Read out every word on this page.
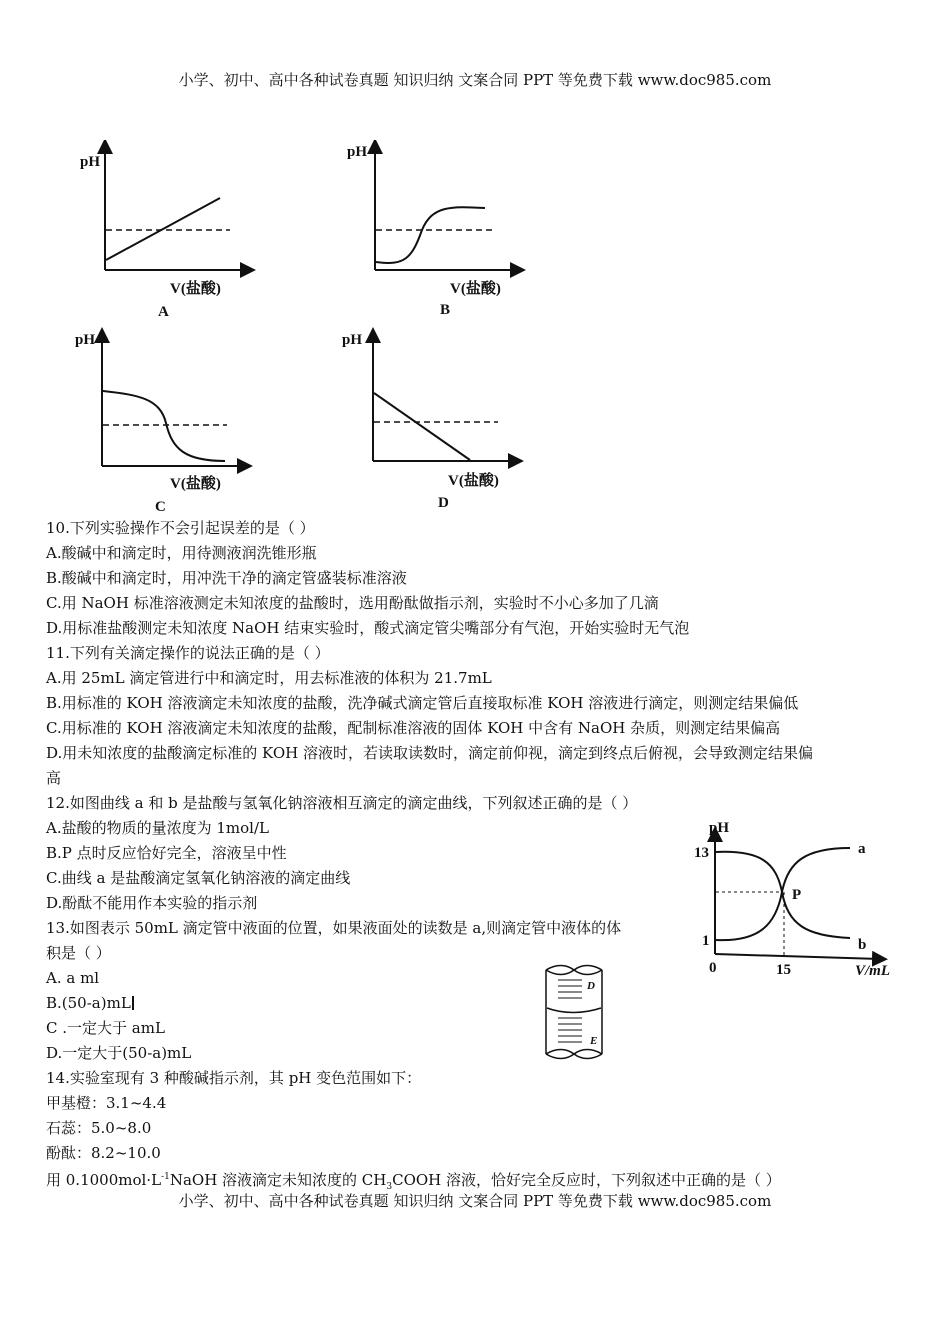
小学、初中、高中各种试卷真题 知识归纳 文案合同 PPT 等免费下载 www.doc985.com
小学、初中、高中各种试卷真题 知识归纳 文案合同 PPT 等免费下载 www.doc985.com
pH
V(盐酸)
A
pH
V(盐酸)
B
pH
V(盐酸)
C
pH
V(盐酸)
D
10.下列实验操作不会引起误差的是（ ）
A.酸碱中和滴定时，用待测液润洗锥形瓶
B.酸碱中和滴定时，用冲洗干净的滴定管盛装标准溶液
C.用 NaOH 标准溶液测定未知浓度的盐酸时，选用酚酞做指示剂，实验时不小心多加了几滴
D.用标准盐酸测定未知浓度 NaOH 结束实验时，酸式滴定管尖嘴部分有气泡，开始实验时无气泡
11.下列有关滴定操作的说法正确的是（ ）
A.用 25mL 滴定管进行中和滴定时，用去标准液的体积为 21.7mL
B.用标准的 KOH 溶液滴定未知浓度的盐酸，洗净碱式滴定管后直接取标准 KOH 溶液进行滴定，则测定结果偏低
C.用标准的 KOH 溶液滴定未知浓度的盐酸，配制标准溶液的固体 KOH 中含有 NaOH 杂质，则测定结果偏高
D.用未知浓度的盐酸滴定标准的 KOH 溶液时，若读取读数时，滴定前仰视，滴定到终点后俯视，会导致测定结果偏
高
12.如图曲线 a 和 b 是盐酸与氢氧化钠溶液相互滴定的滴定曲线，下列叙述正确的是（ ）
A.盐酸的物质的量浓度为 1mol/L
B.P 点时反应恰好完全，溶液呈中性
C.曲线 a 是盐酸滴定氢氧化钠溶液的滴定曲线
D.酚酞不能用作本实验的指示剂
pH
13
1
0	15	V/mL
P
a
b
13.如图表示 50mL 滴定管中液面的位置，如果液面处的读数是 a,则滴定管中液体的体
积是（ ）
A. a ml
B.(50-a)mL
C .一定大于 amL
D.一定大于(50-a)mL
D
E
14.实验室现有 3 种酸碱指示剂，其 pH 变色范围如下：
甲基橙：3.1~4.4
石蕊：5.0~8.0
酚酞：8.2~10.0
用 $0.1000mol\cdot L^{-1}NaOH$ 溶液滴定未知浓度的 $CH_3COOH$ 溶液，恰好完全反应时，下列叙述中正确的是（ ）
